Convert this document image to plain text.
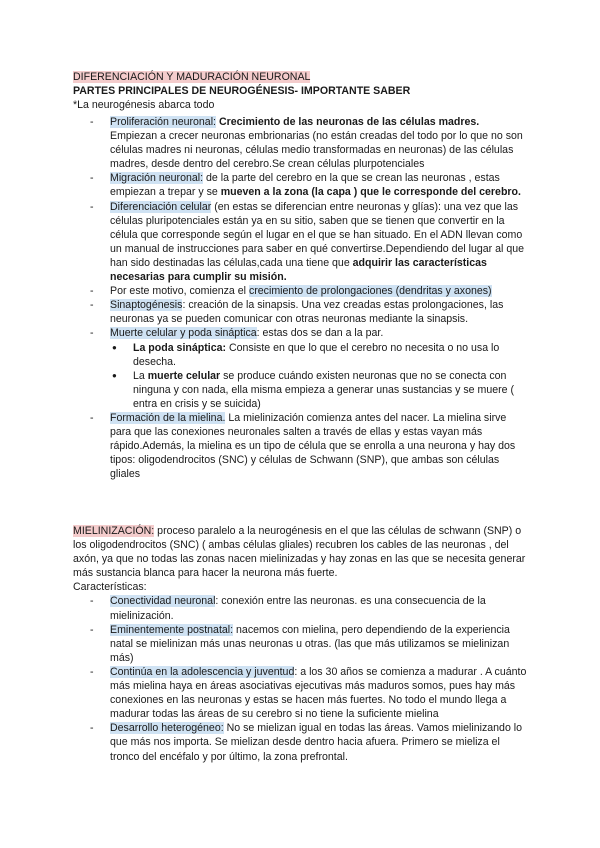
DIFERENCIACIÓN Y MADURACIÓN NEURONAL

PARTES PRINCIPALES DE NEUROGÉNESIS- IMPORTANTE SABER

*La neurogénesis abarca todo

- Proliferación neuronal: Crecimiento de las neuronas de las células madres. Empiezan a crecer neuronas embrionarias (no están creadas del todo por lo que no son células madres ni neuronas, células medio transformadas en neuronas) de las células madres, desde dentro del cerebro.Se crean células plurpotenciales
- Migración neuronal: de la parte del cerebro en la que se crean las neuronas , estas empiezan a trepar y se mueven a la zona (la capa ) que le corresponde del cerebro.
- Diferenciación celular (en estas se diferencian entre neuronas y glías): una vez que las células pluripotenciales están ya en su sitio, saben que se tienen que convertir en la célula que corresponde según el lugar en el que se han situado. En el ADN llevan como un manual de instrucciones para saber en qué convertirse.Dependiendo del lugar al que han sido destinadas las células,cada una tiene que adquirir las características necesarias para cumplir su misión.
- Por este motivo, comienza el crecimiento de prolongaciones (dendritas y axones)
- Sinaptogénesis: creación de la sinapsis. Una vez creadas estas prolongaciones, las neuronas ya se pueden comunicar con otras neuronas mediante la sinapsis.
- Muerte celular y poda sináptica: estas dos se dan a la par.
● La poda sináptica: Consiste en que lo que el cerebro no necesita o no usa lo desecha.
● La muerte celular se produce cuándo existen neuronas que no se conecta con ninguna y con nada, ella misma empieza a generar unas sustancias y se muere ( entra en crisis y se suicida)
- Formación de la mielina. La mielinización comienza antes del nacer. La mielina sirve para que las conexiones neuronales salten a través de ellas y estas vayan más rápido.Además, la mielina es un tipo de célula que se enrolla a una neurona y hay dos tipos: oligodendrocitos (SNC) y células de Schwann (SNP), que ambas son células gliales

MIELINIZACIÓN: proceso paralelo a la neurogénesis en el que las células de schwann (SNP) o los oligodendrocitos (SNC) ( ambas células gliales) recubren los cables de las neuronas , del axón, ya que no todas las zonas nacen mielinizadas y hay zonas en las que se necesita generar más sustancia blanca para hacer la neurona más fuerte.

Características:

- Conectividad neuronal: conexión entre las neuronas. es una consecuencia de la mielinización.
- Eminentemente postnatal: nacemos con mielina, pero dependiendo de la experiencia natal se mielinizan más unas neuronas u otras. (las que más utilizamos se mielinizan más)
- Continúa en la adolescencia y juventud: a los 30 años se comienza a madurar . A cuánto más mielina haya en áreas asociativas ejecutivas más maduros somos, pues hay más conexiones en las neuronas y estas se hacen más fuertes. No todo el mundo llega a madurar todas las áreas de su cerebro si no tiene la suficiente mielina
- Desarrollo heterogéneo: No se mielizan igual en todas las áreas. Vamos mielinizando lo que más nos importa. Se mielizan desde dentro hacia afuera. Primero se mieliza el tronco del encéfalo y por último, la zona prefrontal.
